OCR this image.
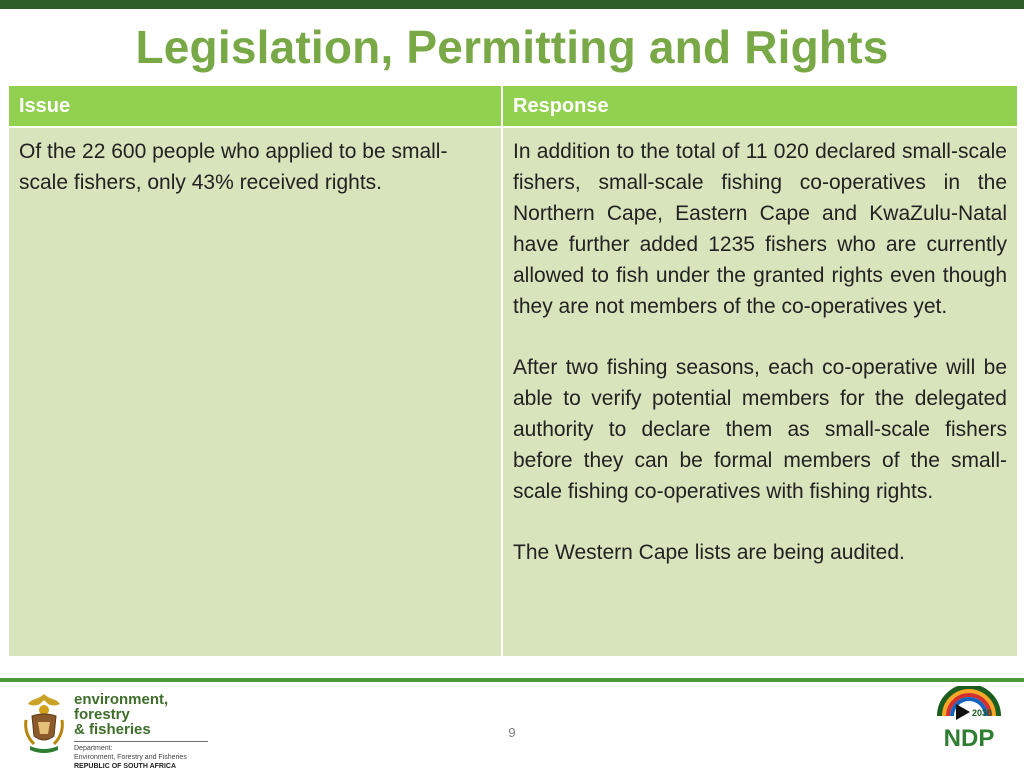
Legislation, Permitting and Rights
Issue	Response

Of the 22 600 people who applied to be small-scale fishers, only 43% received rights.	In addition to the total of 11 020 declared small-scale fishers, small-scale fishing co-operatives in the Northern Cape, Eastern Cape and KwaZulu-Natal have further added 1235 fishers who are currently allowed to fish under the granted rights even though they are not members of the co-operatives yet.

After two fishing seasons, each co-operative will be able to verify potential members for the delegated authority to declare them as small-scale fishers before they can be formal members of the small-scale fishing co-operatives with fishing rights.

The Western Cape lists are being audited.

environment, forestry
& fisheries
Department:
Environment, Forestry and Fisheries
REPUBLIC OF SOUTH AFRICA
9
2030
NDP
